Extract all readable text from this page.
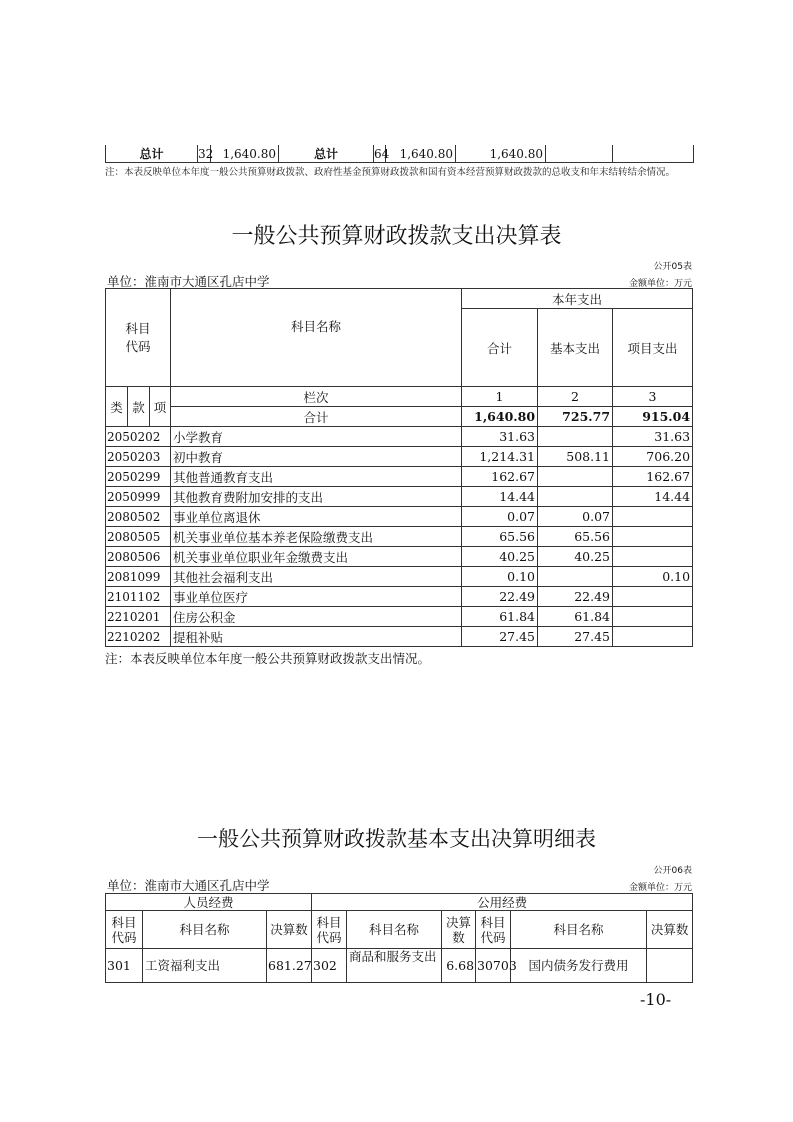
总计	32	1,640.80	总计	64	1,640.80	1,640.80		
注：本表反映单位本年度一般公共预算财政拨款、政府性基金预算财政拨款和国有资本经营预算财政拨款的总收支和年末结转结余情况。
一般公共预算财政拨款支出决算表
公开05表
单位：淮南市大通区孔店中学	金额单位：万元
科目
代码			科目名称	本年支出		
				合计	基本支出	项目支出
类	款	项	栏次	1	2	3
			合计	1,640.80	725.77	915.04
2050202			小学教育	31.63		31.63
2050203			初中教育	1,214.31	508.11	706.20
2050299			其他普通教育支出	162.67		162.67
2050999			其他教育费附加安排的支出	14.44		14.44
2080502			事业单位离退休	0.07	0.07	
2080505			机关事业单位基本养老保险缴费支出	65.56	65.56	
2080506			机关事业单位职业年金缴费支出	40.25	40.25	
2081099			其他社会福利支出	0.10		0.10
2101102			事业单位医疗	22.49	22.49	
2210201			住房公积金	61.84	61.84	
2210202			提租补贴	27.45	27.45	
注：本表反映单位本年度一般公共预算财政拨款支出情况。
一般公共预算财政拨款基本支出决算明细表
公开06表
单位：淮南市大通区孔店中学	金额单位：万元
人员经费			公用经费					
科目代码	科目名称	决算数	科目代码	科目名称	决算数	科目代码	科目名称	决算数
301	工资福利支出	681.27	302	商品和服务支出	6.68	30703	国内债务发行费用	
-10-
